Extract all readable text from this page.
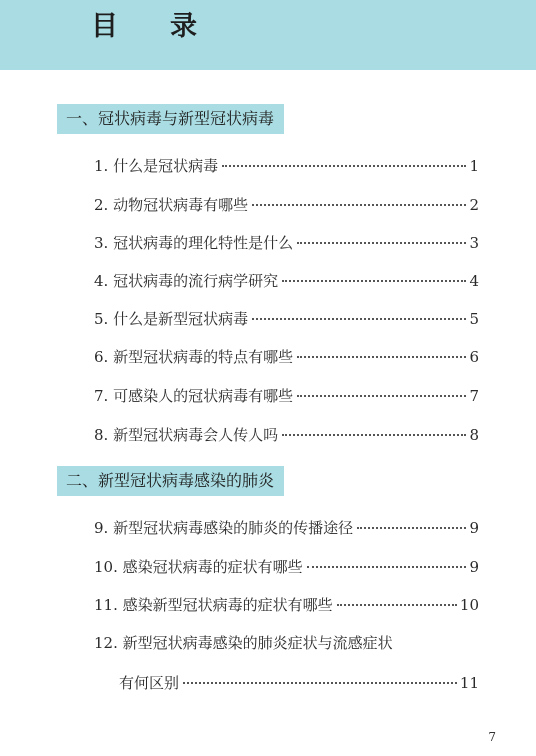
目录
一、冠状病毒与新型冠状病毒
1. 什么是冠状病毒	1
2. 动物冠状病毒有哪些	2
3. 冠状病毒的理化特性是什么	3
4. 冠状病毒的流行病学研究	4
5. 什么是新型冠状病毒	5
6. 新型冠状病毒的特点有哪些	6
7. 可感染人的冠状病毒有哪些	7
8. 新型冠状病毒会人传人吗	8
二、新型冠状病毒感染的肺炎
9. 新型冠状病毒感染的肺炎的传播途径	9
10. 感染冠状病毒的症状有哪些	9
11. 感染新型冠状病毒的症状有哪些	10
12. 新型冠状病毒感染的肺炎症状与流感症状
有何区别	11
7
